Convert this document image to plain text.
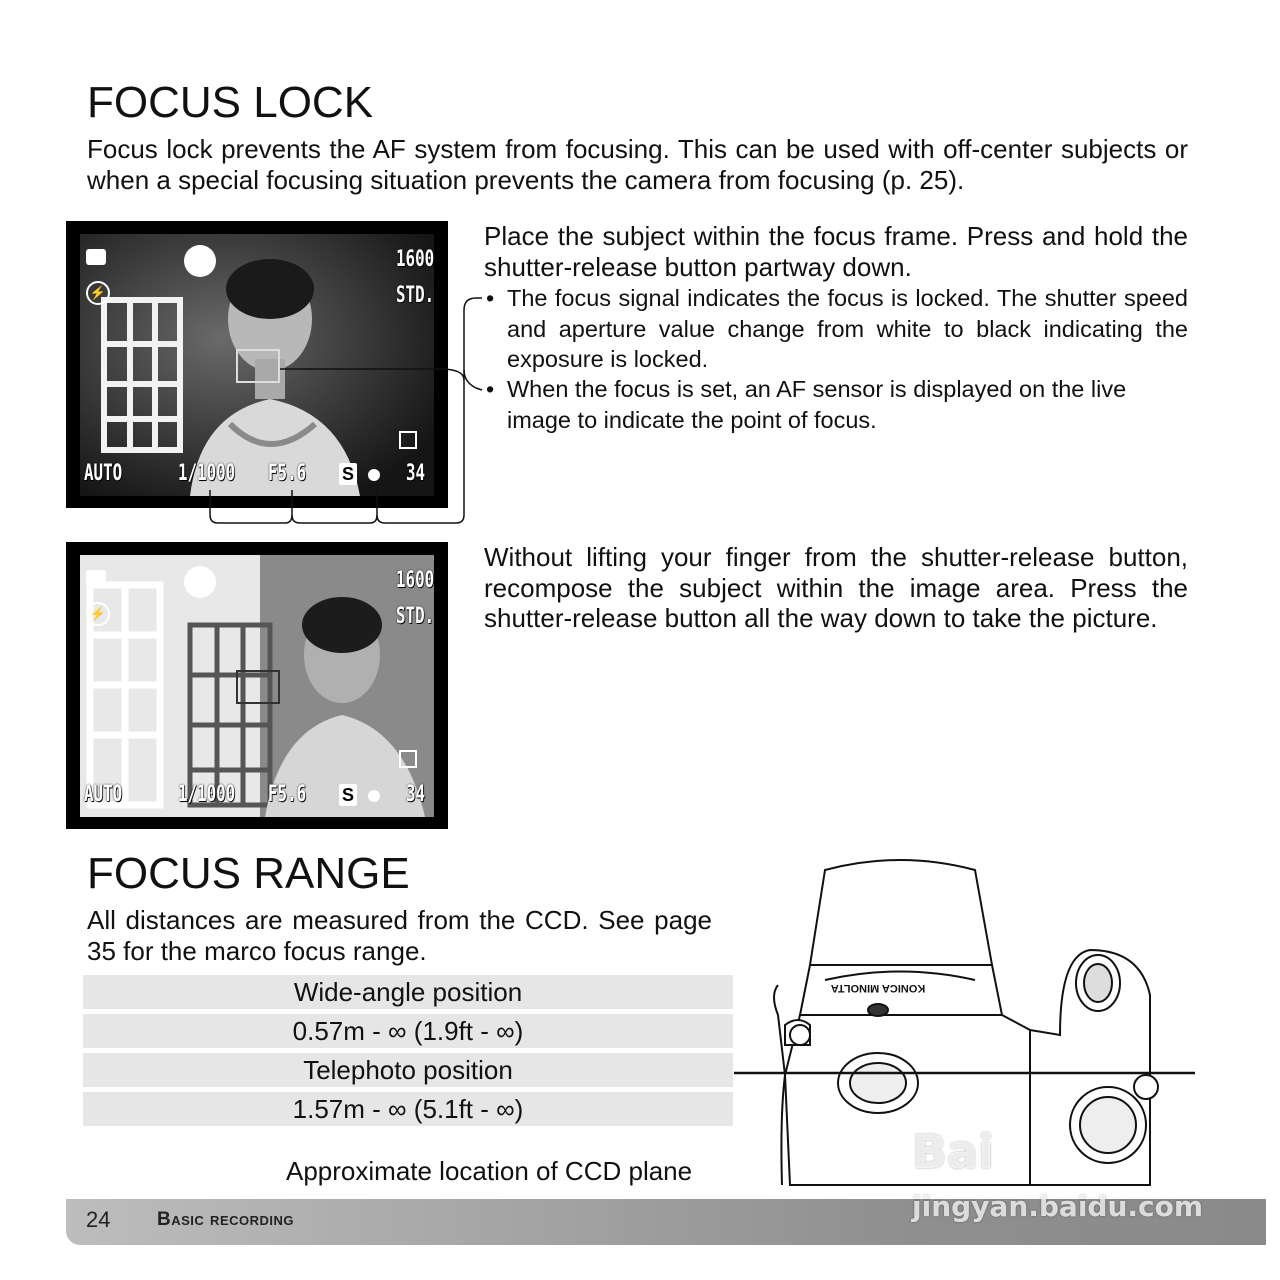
FOCUS LOCK
Focus lock prevents the AF system from focusing. This can be used with off-center subjects or when a special focusing situation prevents the camera from focusing (p. 25).
⚡
1600
STD.
AUTO	1/1000 F5.6 S 34
Place the subject within the focus frame. Press and hold the shutter-release button partway down.
• The focus signal indicates the focus is locked. The shutter speed and aperture value change from white to black indicating the exposure is locked.
• When the focus is set, an AF sensor is displayed on the live image to indicate the point of focus.
⚡
1600
STD.
AUTO	1/1000 F5.6 S 34
Without lifting your finger from the shutter-release button, recompose the subject within the image area. Press the shutter-release button all the way down to take the picture.
FOCUS RANGE
All distances are measured from the CCD. See page 35 for the marco focus range.
Wide-angle position
0.57m - ∞ (1.9ft - ∞)
Telephoto position
1.57m - ∞ (5.1ft - ∞)
Approximate location of CCD plane
KONICA MINOLTA
24 Basic recording
Bai
jingyan.baidu.com
